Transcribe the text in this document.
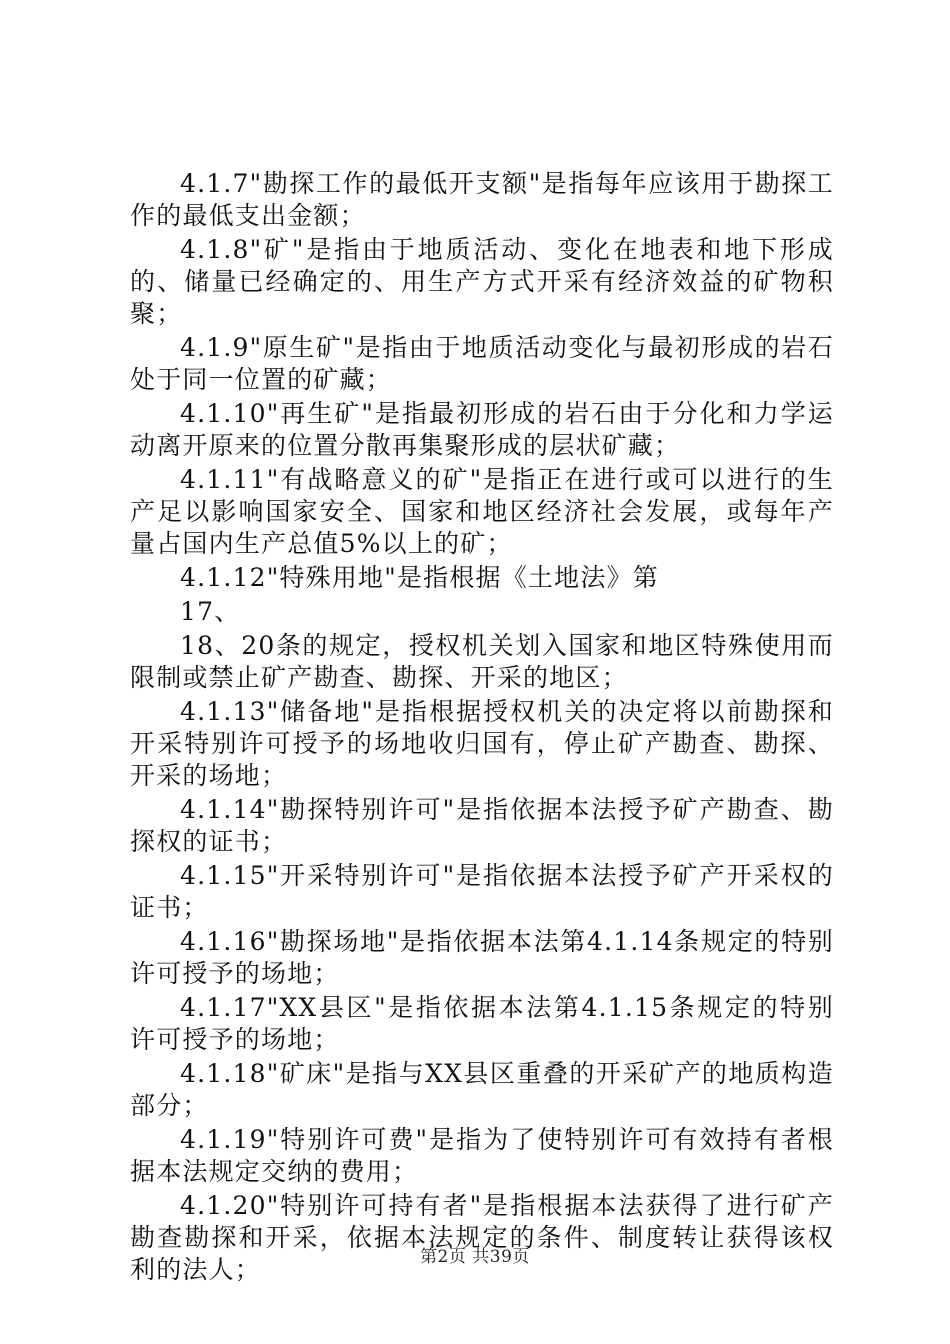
4.1.7"勘探工作的最低开支额"是指每年应该用于勘探工作的最低支出金额；

4.1.8"矿"是指由于地质活动、变化在地表和地下形成的、储量已经确定的、用生产方式开采有经济效益的矿物积聚；

4.1.9"原生矿"是指由于地质活动变化与最初形成的岩石处于同一位置的矿藏；

4.1.10"再生矿"是指最初形成的岩石由于分化和力学运动离开原来的位置分散再集聚形成的层状矿藏；

4.1.11"有战略意义的矿"是指正在进行或可以进行的生产足以影响国家安全、国家和地区经济社会发展，或每年产量占国内生产总值5%以上的矿；

4.1.12"特殊用地"是指根据《土地法》第

17、

18、20条的规定，授权机关划入国家和地区特殊使用而限制或禁止矿产勘查、勘探、开采的地区；

4.1.13"储备地"是指根据授权机关的决定将以前勘探和开采特别许可授予的场地收归国有，停止矿产勘查、勘探、开采的场地；

4.1.14"勘探特别许可"是指依据本法授予矿产勘查、勘探权的证书；

4.1.15"开采特别许可"是指依据本法授予矿产开采权的证书；

4.1.16"勘探场地"是指依据本法第4.1.14条规定的特别许可授予的场地；

4.1.17"XX县区"是指依据本法第4.1.15条规定的特别许可授予的场地；

4.1.18"矿床"是指与XX县区重叠的开采矿产的地质构造部分；

4.1.19"特别许可费"是指为了使特别许可有效持有者根据本法规定交纳的费用；

4.1.20"特别许可持有者"是指根据本法获得了进行矿产勘查勘探和开采，依据本法规定的条件、制度转让获得该权利的法人；	第2页 共39页
